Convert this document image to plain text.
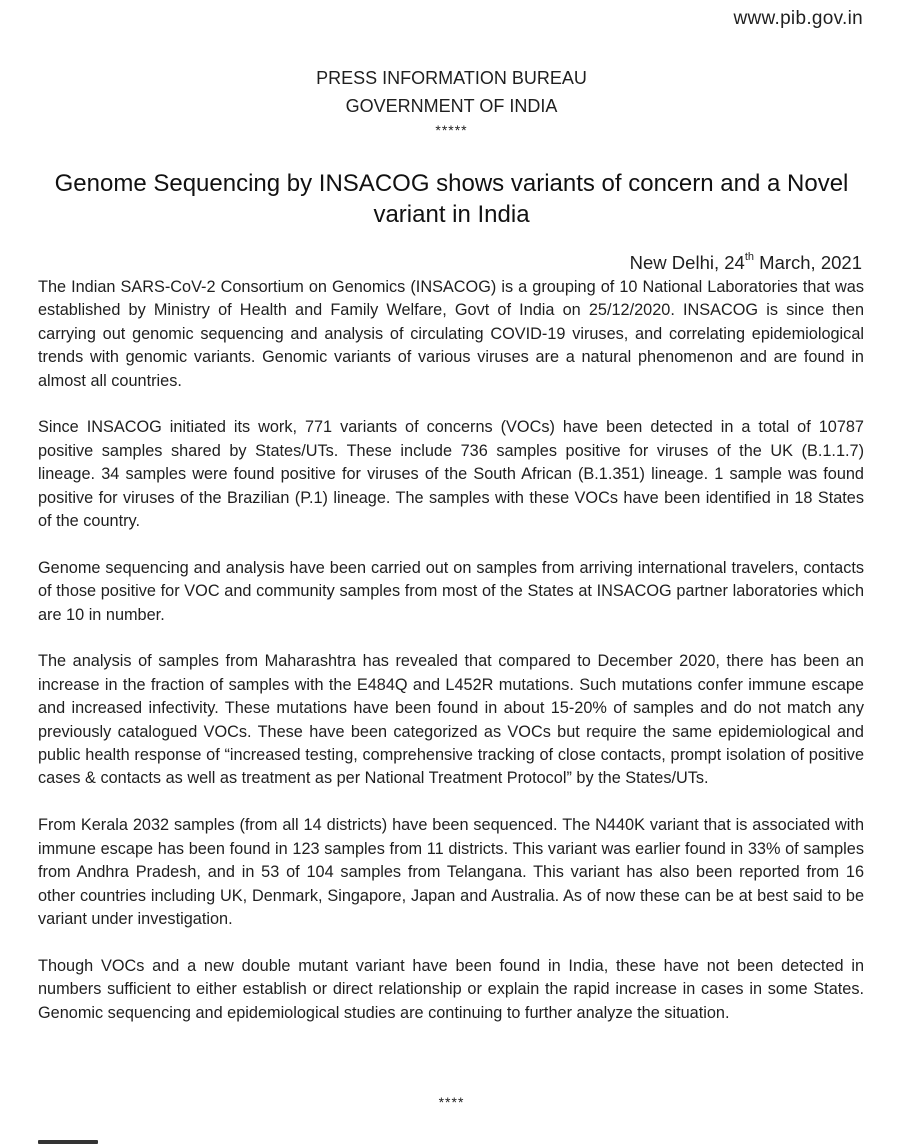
www.pib.gov.in
PRESS INFORMATION BUREAU
GOVERNMENT OF INDIA
*****
Genome Sequencing by INSACOG shows variants of concern and a Novel variant in India
New Delhi, 24th March, 2021

The Indian SARS-CoV-2 Consortium on Genomics (INSACOG) is a grouping of 10 National Laboratories that was established by Ministry of Health and Family Welfare, Govt of India on 25/12/2020. INSACOG is since then carrying out genomic sequencing and analysis of circulating COVID-19 viruses, and correlating epidemiological trends with genomic variants. Genomic variants of various viruses are a natural phenomenon and are found in almost all countries.

Since INSACOG initiated its work, 771 variants of concerns (VOCs) have been detected in a total of 10787 positive samples shared by States/UTs. These include 736 samples positive for viruses of the UK (B.1.1.7) lineage. 34 samples were found positive for viruses of the South African (B.1.351) lineage. 1 sample was found positive for viruses of the Brazilian (P.1) lineage. The samples with these VOCs have been identified in 18 States of the country.

Genome sequencing and analysis have been carried out on samples from arriving international travelers, contacts of those positive for VOC and community samples from most of the States at INSACOG partner laboratories which are 10 in number.

The analysis of samples from Maharashtra has revealed that compared to December 2020, there has been an increase in the fraction of samples with the E484Q and L452R mutations. Such mutations confer immune escape and increased infectivity. These mutations have been found in about 15-20% of samples and do not match any previously catalogued VOCs. These have been categorized as VOCs but require the same epidemiological and public health response of “increased testing, comprehensive tracking of close contacts, prompt isolation of positive cases & contacts as well as treatment as per National Treatment Protocol” by the States/UTs.

From Kerala 2032 samples (from all 14 districts) have been sequenced. The N440K variant that is associated with immune escape has been found in 123 samples from 11 districts. This variant was earlier found in 33% of samples from Andhra Pradesh, and in 53 of 104 samples from Telangana. This variant has also been reported from 16 other countries including UK, Denmark, Singapore, Japan and Australia. As of now these can be at best said to be variant under investigation.

Though VOCs and a new double mutant variant have been found in India, these have not been detected in numbers sufficient to either establish or direct relationship or explain the rapid increase in cases in some States. Genomic sequencing and epidemiological studies are continuing to further analyze the situation.

****
